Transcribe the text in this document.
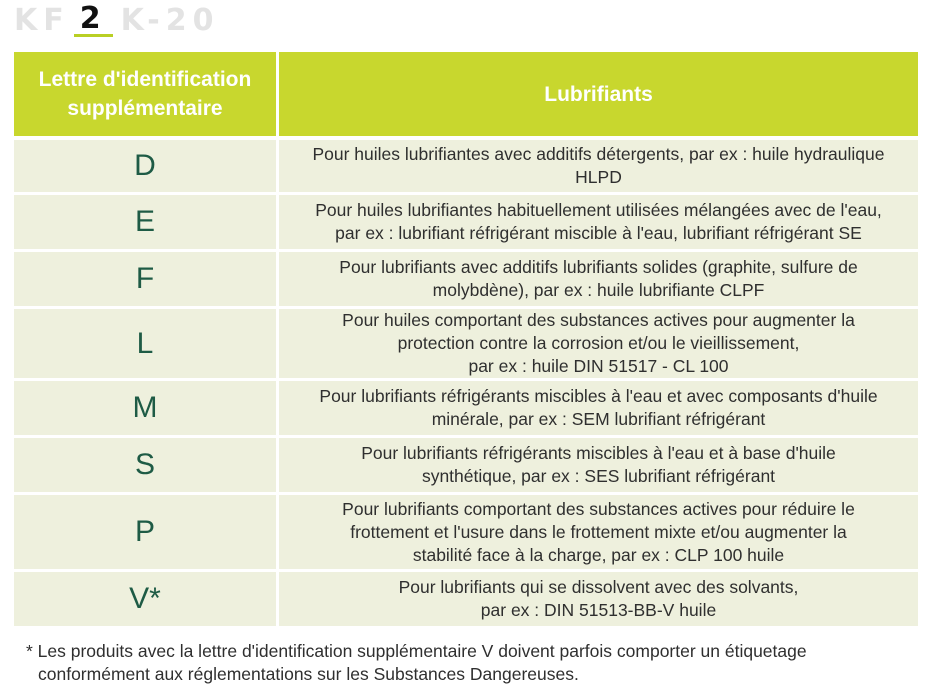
KF 2 K-20
Lettre d'identification supplémentaire	Lubrifiants
D	Pour huiles lubrifiantes avec additifs détergents, par ex : huile hydraulique
HLPD
E	Pour huiles lubrifiantes habituellement utilisées mélangées avec de l'eau,
par ex : lubrifiant réfrigérant miscible à l'eau, lubrifiant réfrigérant SE
F	Pour lubrifiants avec additifs lubrifiants solides (graphite, sulfure de
molybdène), par ex : huile lubrifiante CLPF
L	Pour huiles comportant des substances actives pour augmenter la
protection contre la corrosion et/ou le vieillissement,
par ex : huile DIN 51517 - CL 100
M	Pour lubrifiants réfrigérants miscibles à l'eau et avec composants d'huile
minérale, par ex : SEM lubrifiant réfrigérant
S	Pour lubrifiants réfrigérants miscibles à l'eau et à base d'huile
synthétique, par ex : SES lubrifiant réfrigérant
P	Pour lubrifiants comportant des substances actives pour réduire le
frottement et l'usure dans le frottement mixte et/ou augmenter la
stabilité face à la charge, par ex : CLP 100 huile
V*	Pour lubrifiants qui se dissolvent avec des solvants,
par ex : DIN 51513-BB-V huile
* Les produits avec la lettre d'identification supplémentaire V doivent parfois comporter un étiquetage conformément aux réglementations sur les Substances Dangereuses.
